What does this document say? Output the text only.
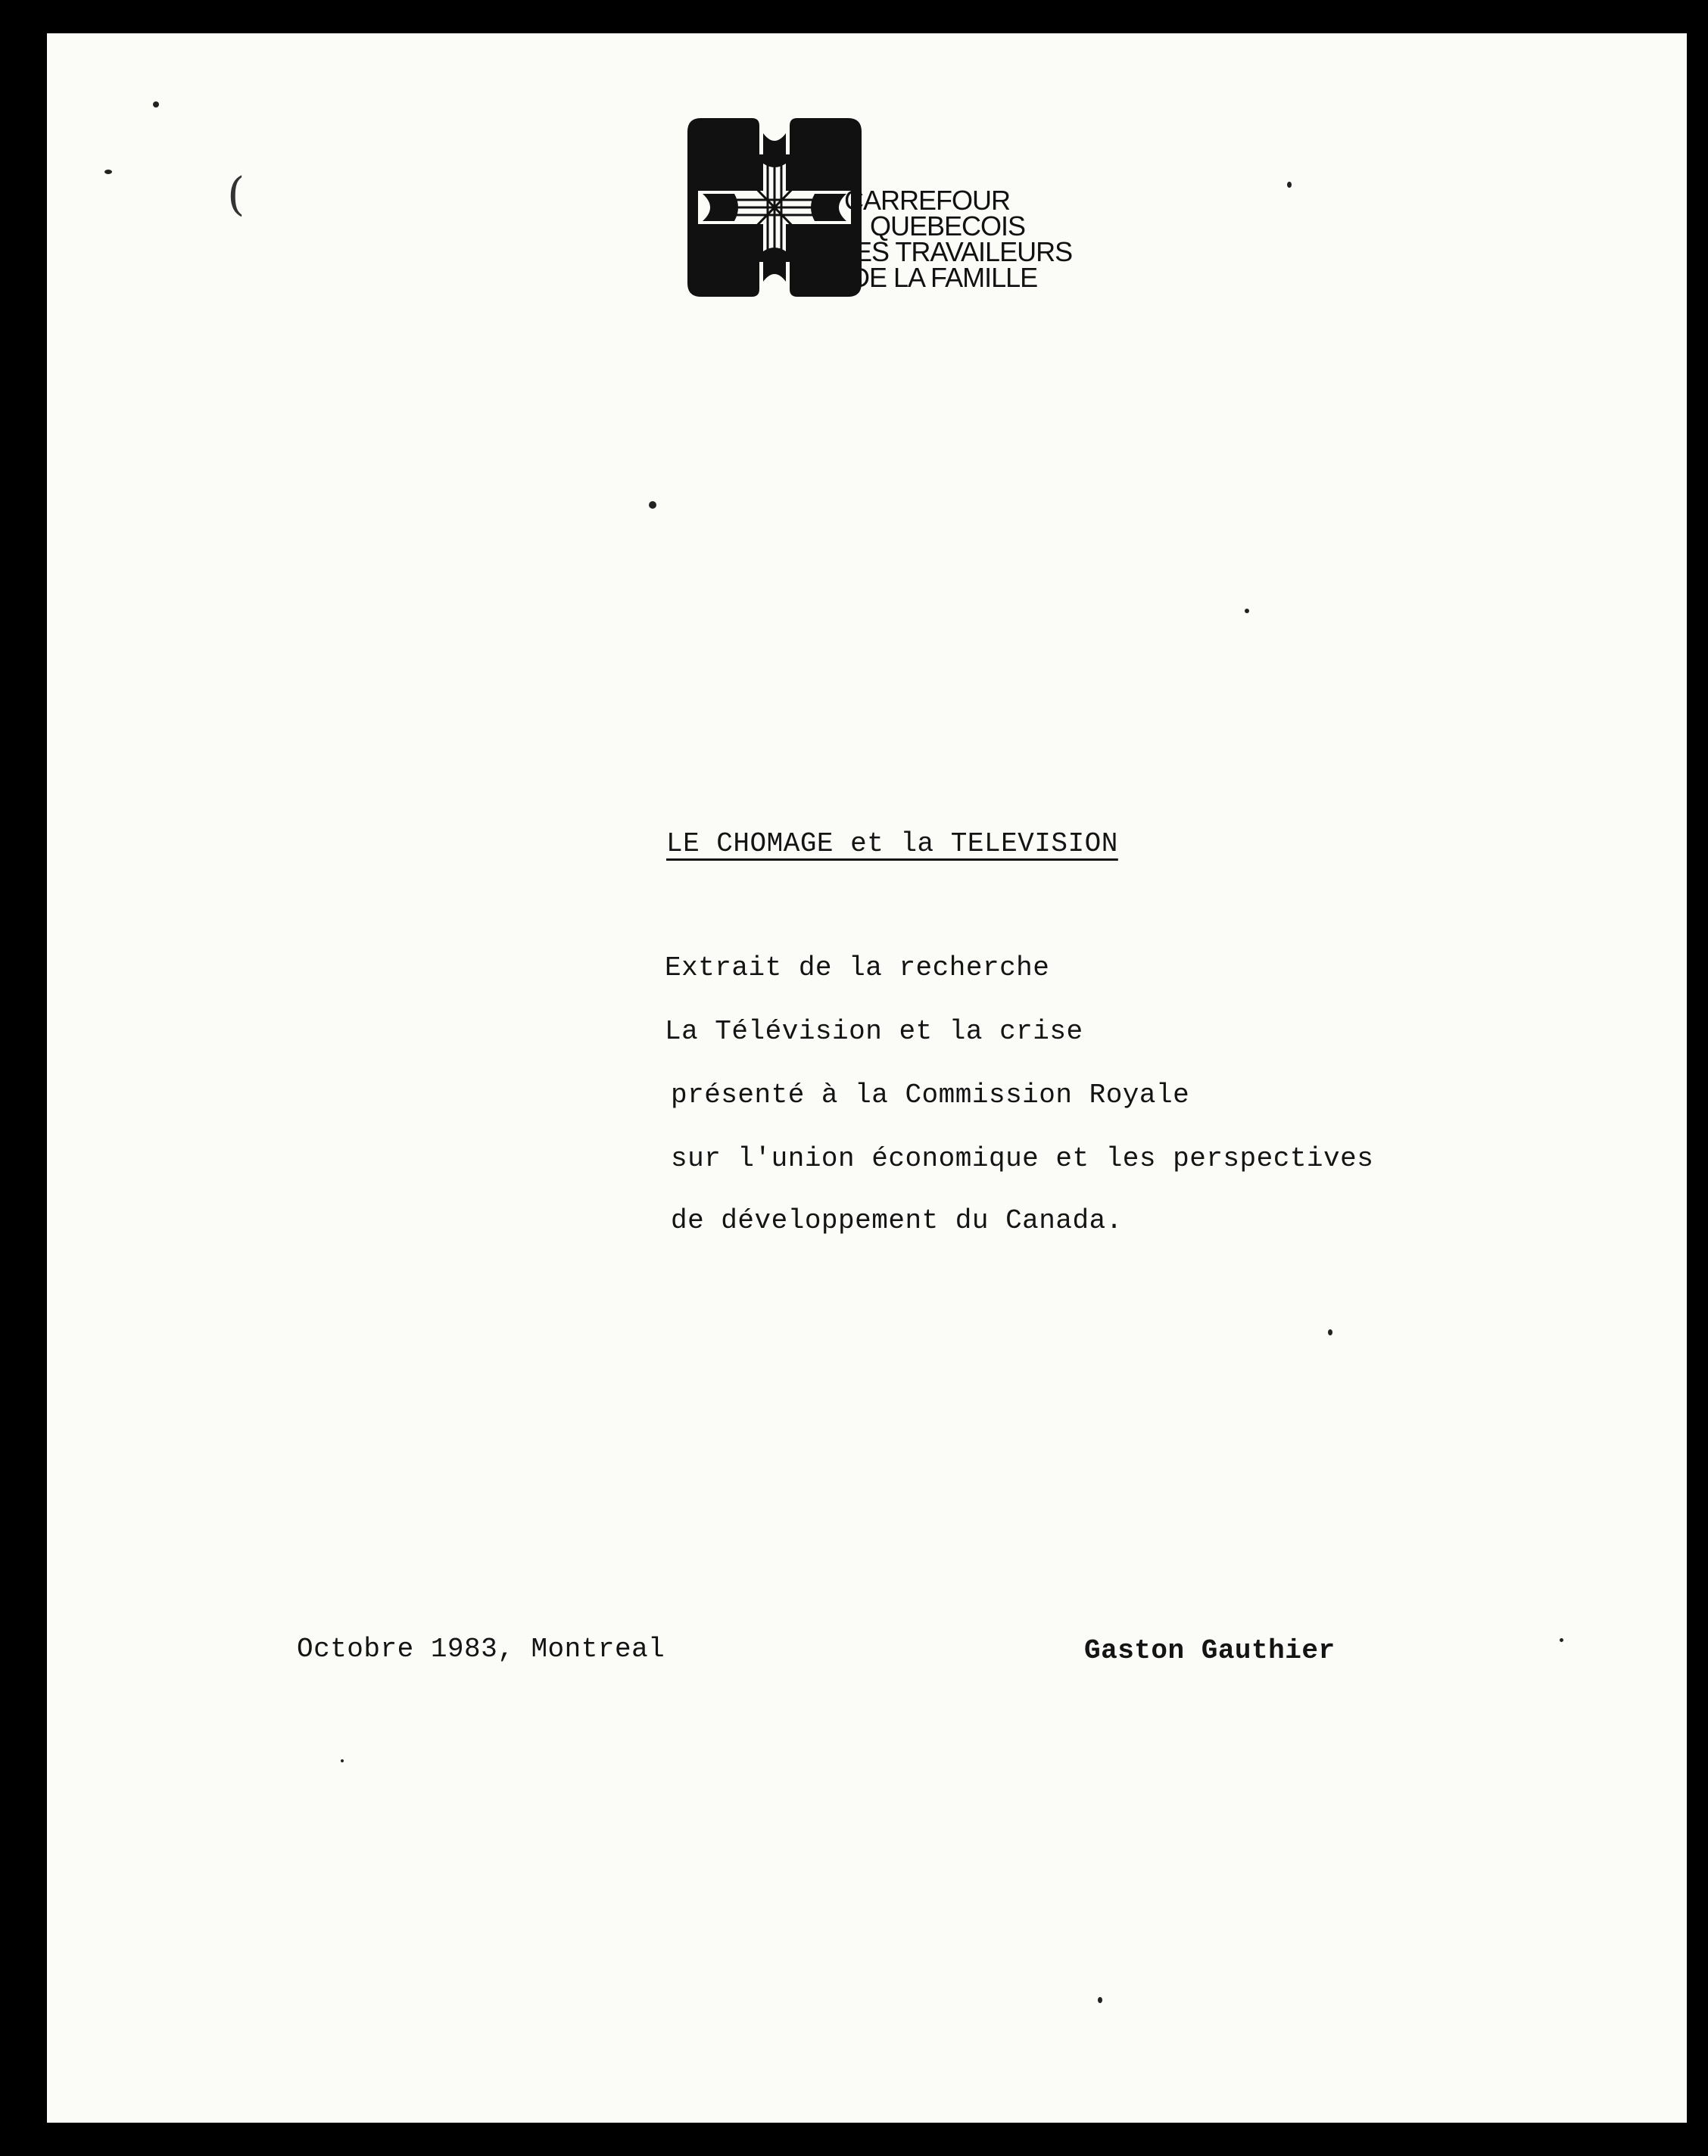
(	CARREFOUR
QUEBECOIS
DES TRAVAILEURS
DE LA FAMILLE
LE CHOMAGE et la TELEVISION
Extrait de la recherche
La Télévision et la crise
présenté à la Commission Royale
sur l'union économique et les perspectives
de développement du Canada.
Octobre 1983, Montreal	Gaston Gauthier
